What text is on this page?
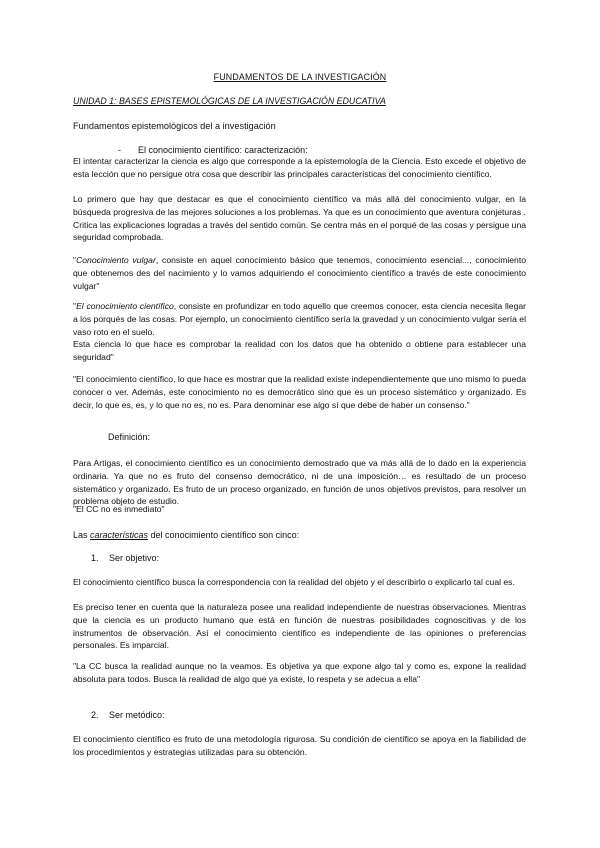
FUNDAMENTOS DE LA INVESTIGACIÓN
UNIDAD 1: BASES EPISTEMOLÓGICAS DE LA INVESTIGACIÓN EDUCATIVA
Fundamentos epistemológicos del a investigación
- El conocimiento científico: caracterización:

El intentar caracterizar la ciencia es algo que corresponde a la epistemología de la Ciencia. Esto excede el objetivo de esta lección que no persigue otra cosa que describir las principales características del conocimiento científico.

Lo primero que hay que destacar es que el conocimiento científico va más allá del conocimiento vulgar, en la búsqueda progresiva de las mejores soluciones a los problemas. Ya que es un conocimiento que aventura conjeturas . Critica las explicaciones logradas a través del sentido común. Se centra más en el porqué de las cosas y persigue una seguridad comprobada.

"Conocimiento vulgar, consiste en aquel conocimiento básico que tenemos, conocimiento esencial..., conocimiento que obtenemos des del nacimiento y lo vamos adquiriendo el conocimiento científico a través de este conocimiento vulgar"

"El conocimiento científico, consiste en profundizar en todo aquello que creemos conocer, esta ciencia necesita llegar a los porqués de las cosas. Por ejemplo, un conocimiento científico sería la gravedad y un conocimiento vulgar sería el vaso roto en el suelo.

Esta ciencia lo que hace es comprobar la realidad con los datos que ha obtenido o obtiene para establecer una seguridad"

"El conocimiento científico, lo que hace es mostrar que la realidad existe independientemente que uno mismo lo pueda conocer o ver. Además, este conocimiento no es democrático sino que es un proceso sistemático y organizado. Es decir, lo que es, es, y lo que no es, no es. Para denominar ese algo sí que debe de haber un consenso."

Definición:

Para Artigas, el conocimiento científico es un conocimiento demostrado que va más allá de lo dado en la experiencia ordinaria. Ya que no es fruto del consenso democrático, ni de una imposición… es resultado de un proceso sistemático y organizado. Es fruto de un proceso organizado, en función de unos objetivos previstos, para resolver un problema objeto de estudio.

"El CC no es inmediato"

Las características del conocimiento científico son cinco:

1. Ser objetivo:

El conocimiento científico busca la correspondencia con la realidad del objeto y el describirlo o explicarlo tal cual es.

Es preciso tener en cuenta que la naturaleza posee una realidad independiente de nuestras observaciones. Mientras que la ciencia es un producto humano que está en función de nuestras posibilidades cognoscitivas y de los instrumentos de observación. Así el conocimiento científico es independiente de las opiniones o preferencias personales. Es imparcial.

"La CC busca la realidad aunque no la veamos. Es objetiva ya que expone algo tal y como es, expone la realidad absoluta para todos. Busca la realidad de algo que ya existe, lo respeta y se adecua a ella"

2. Ser metódico:

El conocimiento científico es fruto de una metodología rigurosa. Su condición de científico se apoya en la fiabilidad de los procedimientos y estrategias utilizadas para su obtención.
